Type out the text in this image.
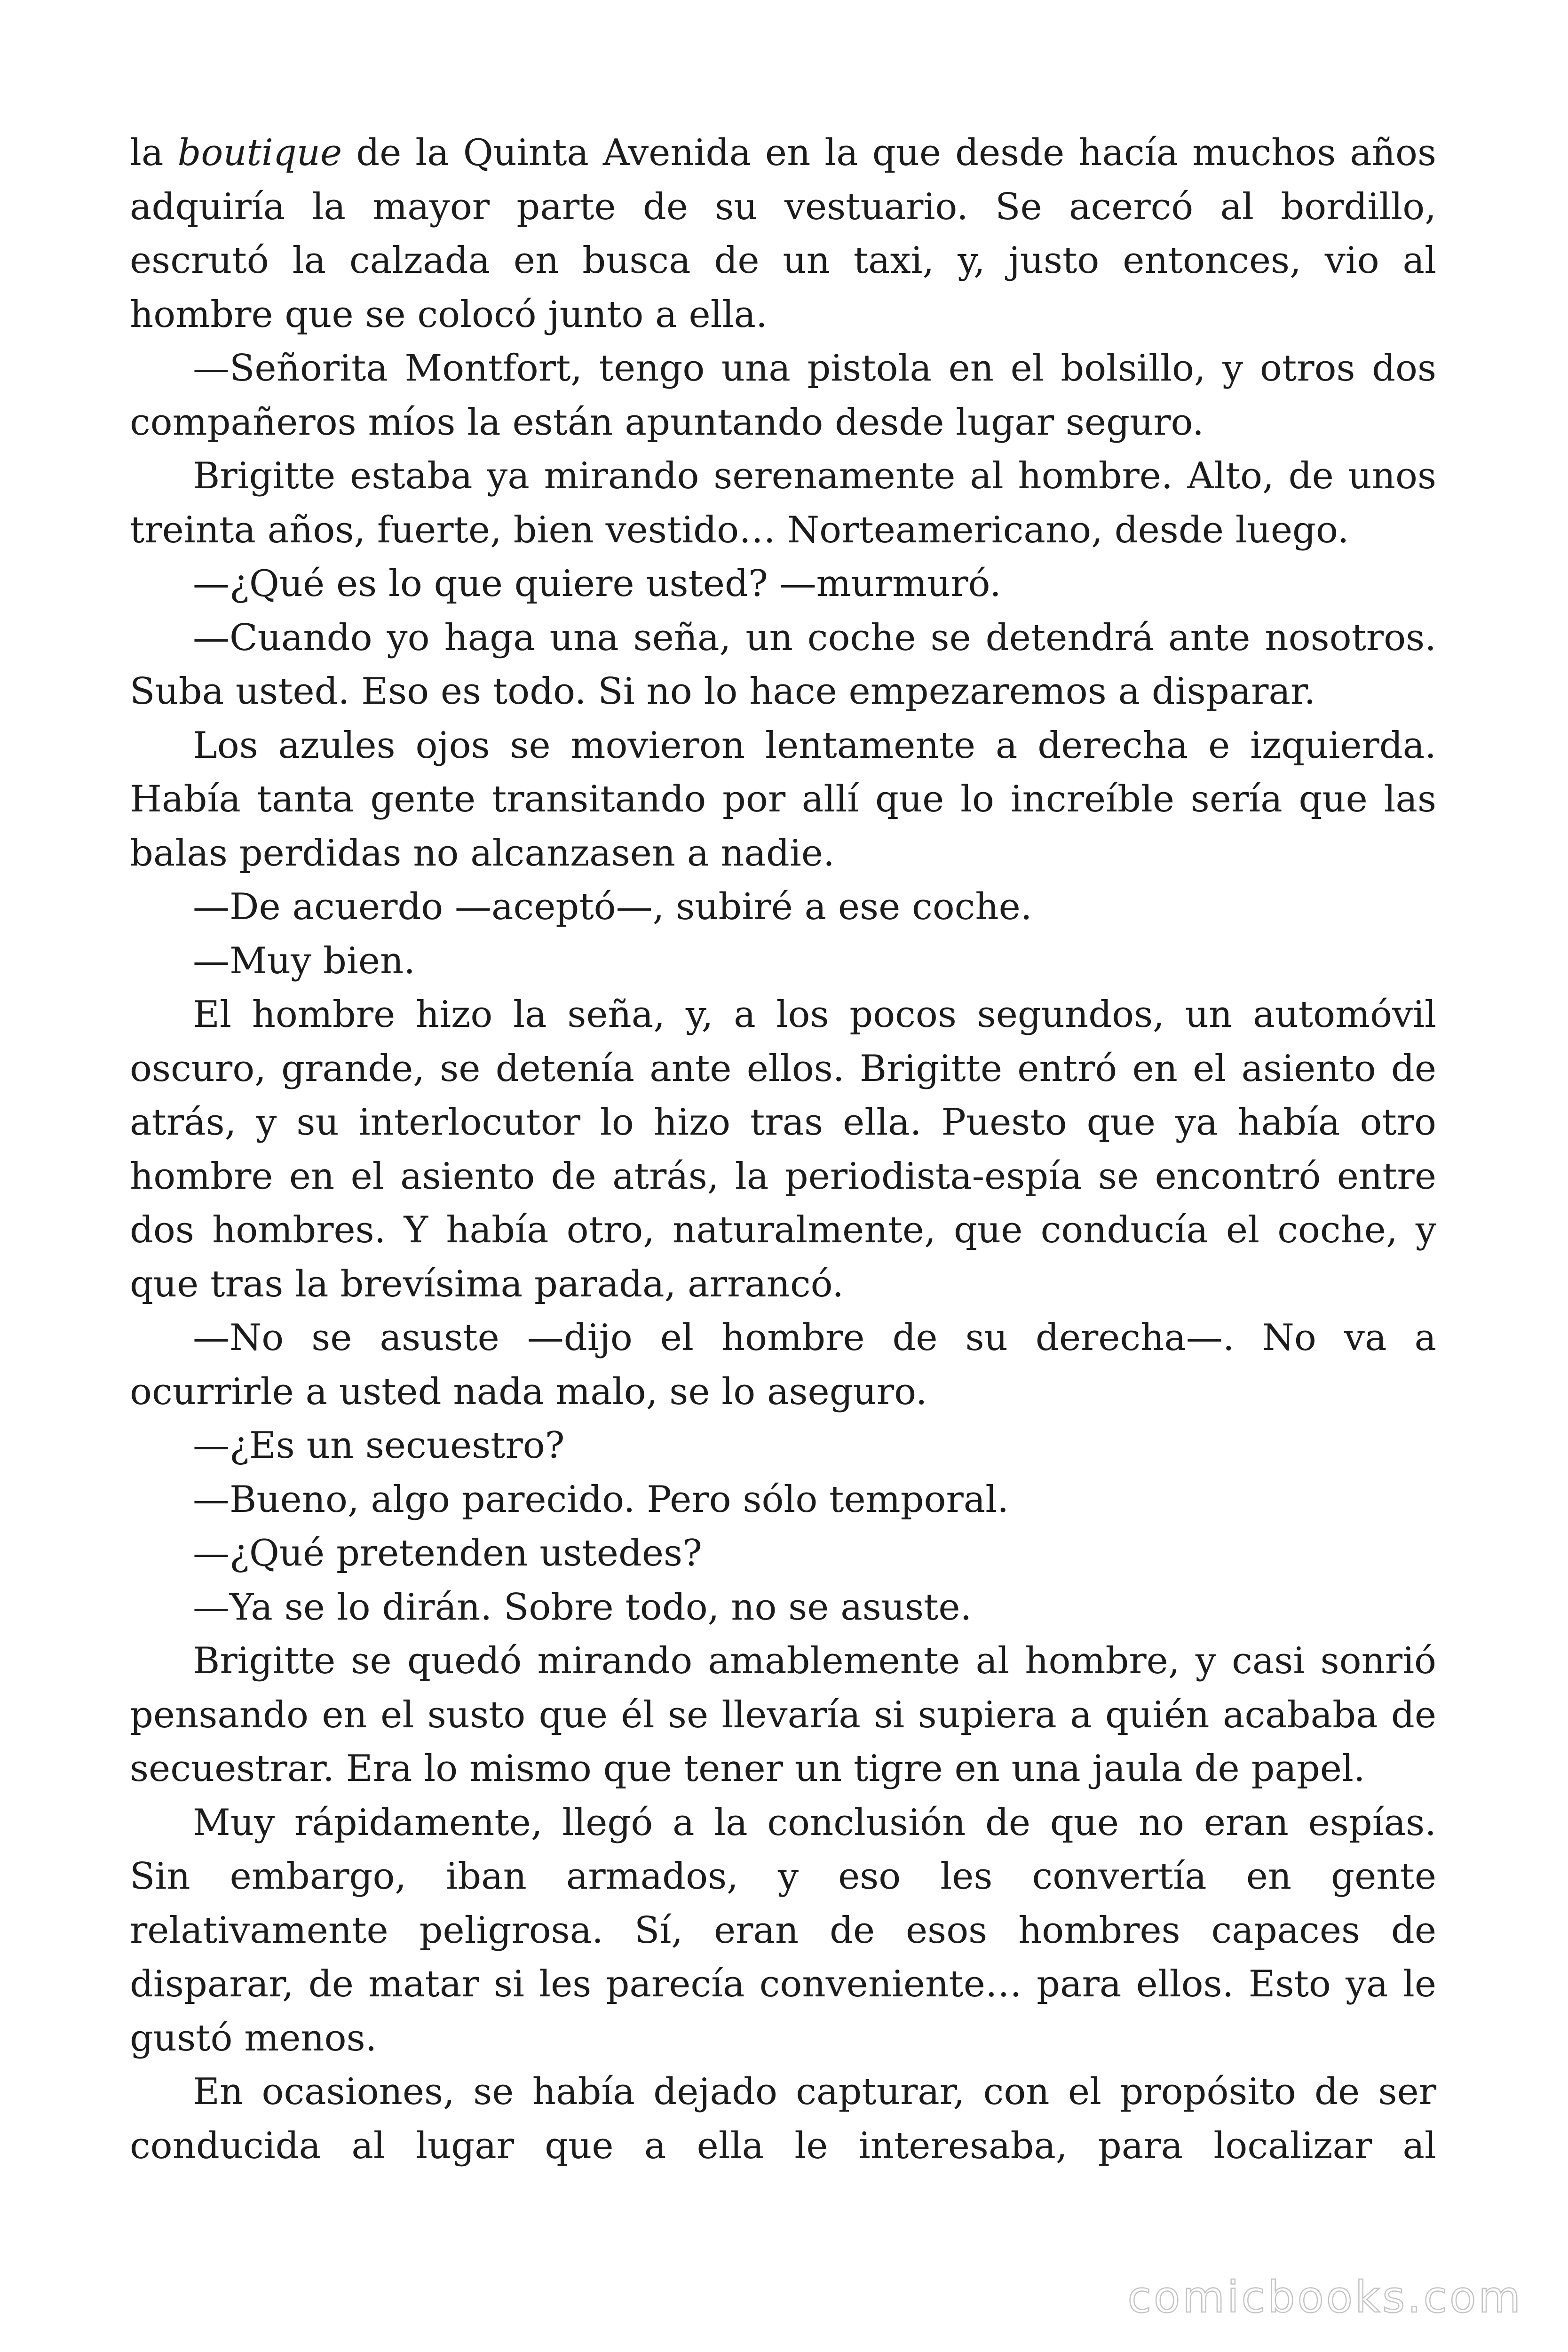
la boutique de la Quinta Avenida en la que desde hacía muchos años
adquiría la mayor parte de su vestuario. Se acercó al bordillo,
escrutó la calzada en busca de un taxi, y, justo entonces, vio al
hombre que se colocó junto a ella.
—Señorita Montfort, tengo una pistola en el bolsillo, y otros dos
compañeros míos la están apuntando desde lugar seguro.
Brigitte estaba ya mirando serenamente al hombre. Alto, de unos
treinta años, fuerte, bien vestido… Norteamericano, desde luego.
—¿Qué es lo que quiere usted? —murmuró.
—Cuando yo haga una seña, un coche se detendrá ante nosotros.
Suba usted. Eso es todo. Si no lo hace empezaremos a disparar.
Los azules ojos se movieron lentamente a derecha e izquierda.
Había tanta gente transitando por allí que lo increíble sería que las
balas perdidas no alcanzasen a nadie.
—De acuerdo —aceptó—, subiré a ese coche.
—Muy bien.
El hombre hizo la seña, y, a los pocos segundos, un automóvil
oscuro, grande, se detenía ante ellos. Brigitte entró en el asiento de
atrás, y su interlocutor lo hizo tras ella. Puesto que ya había otro
hombre en el asiento de atrás, la periodista-espía se encontró entre
dos hombres. Y había otro, naturalmente, que conducía el coche, y
que tras la brevísima parada, arrancó.
—No se asuste —dijo el hombre de su derecha—. No va a
ocurrirle a usted nada malo, se lo aseguro.
—¿Es un secuestro?
—Bueno, algo parecido. Pero sólo temporal.
—¿Qué pretenden ustedes?
—Ya se lo dirán. Sobre todo, no se asuste.
Brigitte se quedó mirando amablemente al hombre, y casi sonrió
pensando en el susto que él se llevaría si supiera a quién acababa de
secuestrar. Era lo mismo que tener un tigre en una jaula de papel.
Muy rápidamente, llegó a la conclusión de que no eran espías.
Sin embargo, iban armados, y eso les convertía en gente
relativamente peligrosa. Sí, eran de esos hombres capaces de
disparar, de matar si les parecía conveniente… para ellos. Esto ya le
gustó menos.
En ocasiones, se había dejado capturar, con el propósito de ser
conducida al lugar que a ella le interesaba, para localizar al
comicbooks.com
